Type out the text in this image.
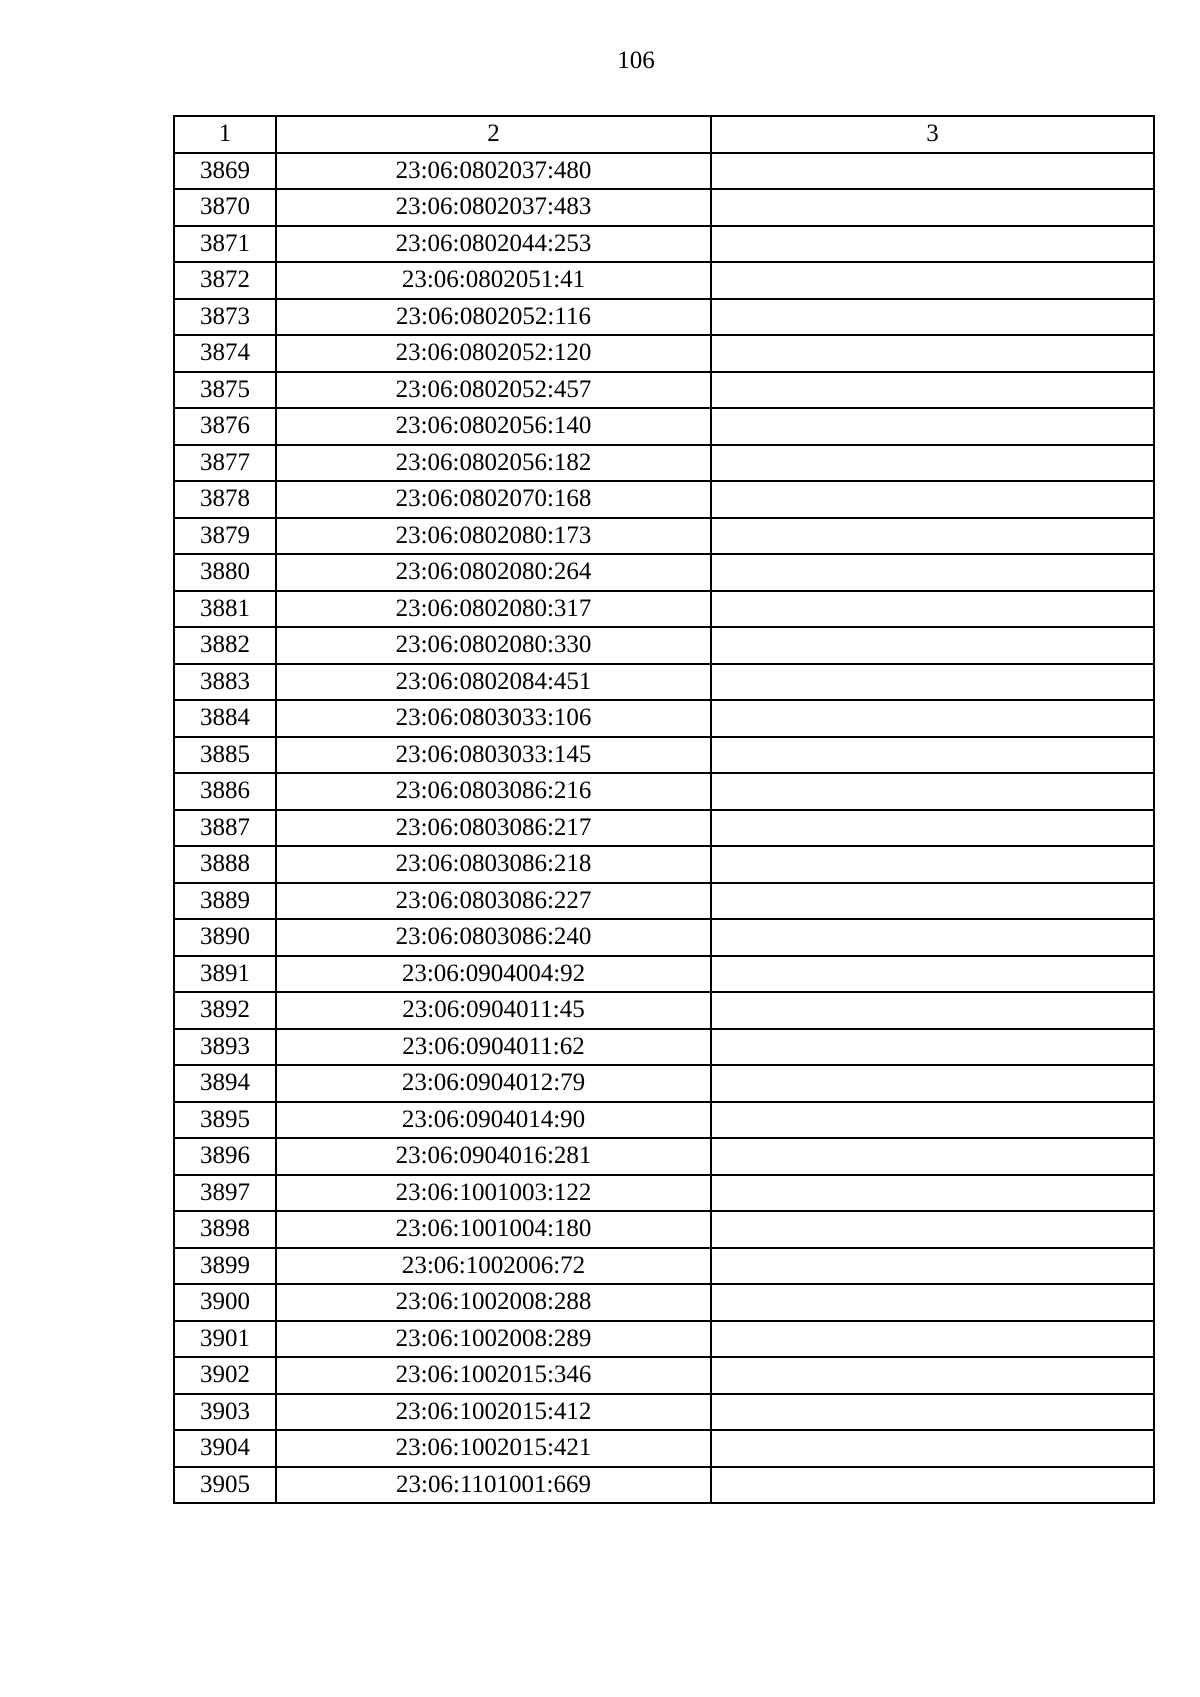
106
1	2	3
3869	23:06:0802037:480	
3870	23:06:0802037:483	
3871	23:06:0802044:253	
3872	23:06:0802051:41	
3873	23:06:0802052:116	
3874	23:06:0802052:120	
3875	23:06:0802052:457	
3876	23:06:0802056:140	
3877	23:06:0802056:182	
3878	23:06:0802070:168	
3879	23:06:0802080:173	
3880	23:06:0802080:264	
3881	23:06:0802080:317	
3882	23:06:0802080:330	
3883	23:06:0802084:451	
3884	23:06:0803033:106	
3885	23:06:0803033:145	
3886	23:06:0803086:216	
3887	23:06:0803086:217	
3888	23:06:0803086:218	
3889	23:06:0803086:227	
3890	23:06:0803086:240	
3891	23:06:0904004:92	
3892	23:06:0904011:45	
3893	23:06:0904011:62	
3894	23:06:0904012:79	
3895	23:06:0904014:90	
3896	23:06:0904016:281	
3897	23:06:1001003:122	
3898	23:06:1001004:180	
3899	23:06:1002006:72	
3900	23:06:1002008:288	
3901	23:06:1002008:289	
3902	23:06:1002015:346	
3903	23:06:1002015:412	
3904	23:06:1002015:421	
3905	23:06:1101001:669	
